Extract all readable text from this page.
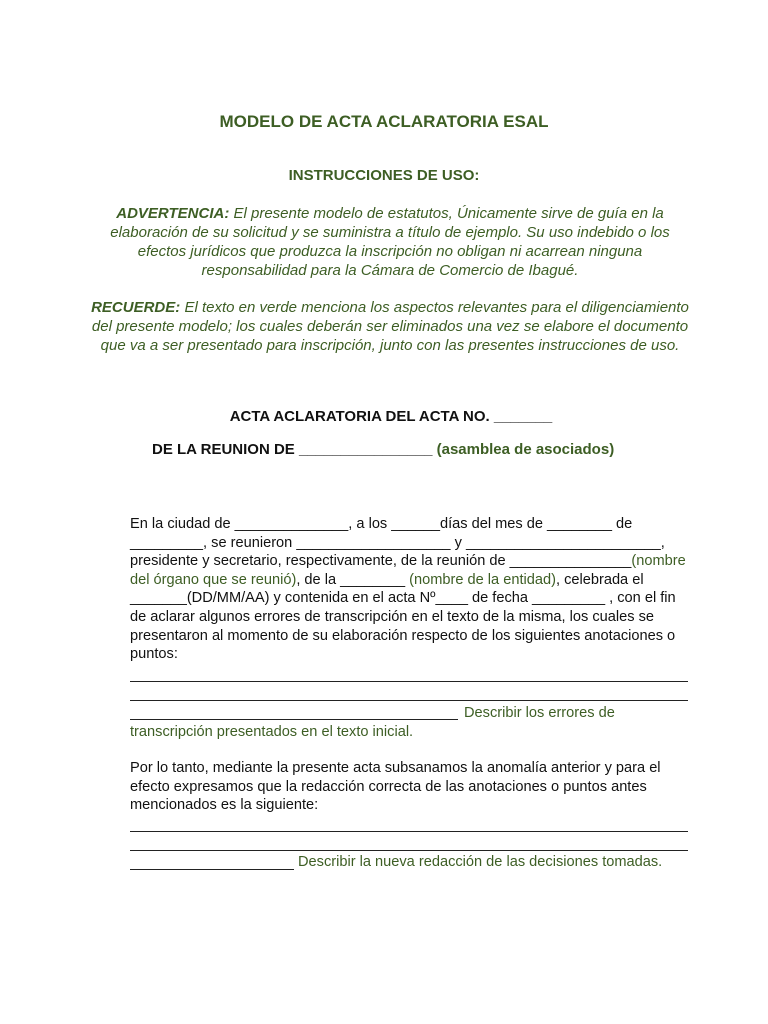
MODELO DE ACTA ACLARATORIA ESAL
INSTRUCCIONES DE USO:
ADVERTENCIA: El presente modelo de estatutos, Únicamente sirve de guía en la elaboración de su solicitud y se suministra a título de ejemplo. Su uso indebido o los efectos jurídicos que produzca la inscripción no obligan ni acarrean ninguna responsabilidad para la Cámara de Comercio de Ibagué.
RECUERDE: El texto en verde menciona los aspectos relevantes para el diligenciamiento del presente modelo; los cuales deberán ser eliminados una vez se elabore el documento que va a ser presentado para inscripción, junto con las presentes instrucciones de uso.
ACTA ACLARATORIA DEL ACTA NO. _______
DE LA REUNION DE ________________ (asamblea de asociados)
En la ciudad de ______________, a los ______días del mes de ________ de _________, se reunieron ___________________ y ________________________, presidente y secretario, respectivamente, de la reunión de _______________(nombre del órgano que se reunió), de la ________ (nombre de la entidad), celebrada el _______(DD/MM/AA) y contenida en el acta Nº____ de fecha _________ , con el fin de aclarar algunos errores de transcripción en el texto de la misma, los cuales se presentaron al momento de su elaboración respecto de los siguientes anotaciones o puntos:
Describir los errores de
transcripción presentados en el texto inicial.
Por lo tanto, mediante la presente acta subsanamos la anomalía anterior y para el efecto expresamos que la redacción correcta de las anotaciones o puntos antes mencionados es la siguiente:
Describir la nueva redacción de las decisiones tomadas.
